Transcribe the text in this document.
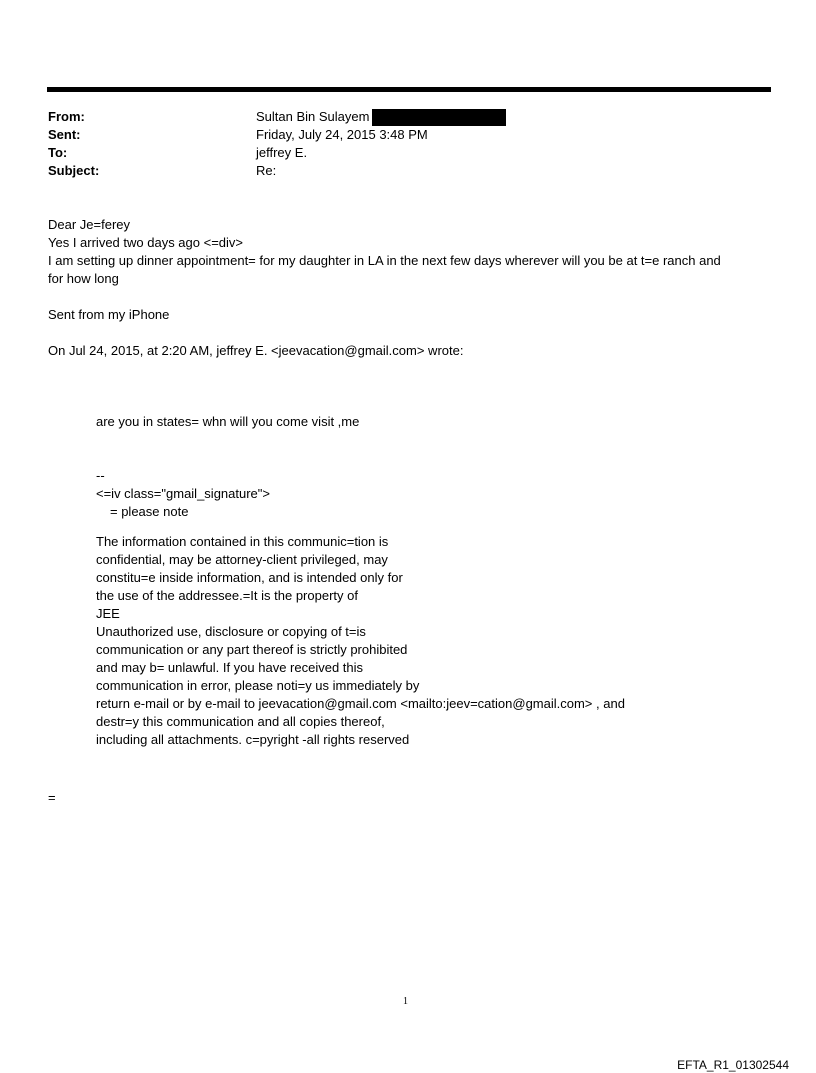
From:	Sultan Bin Sulayem
Sent:	Friday, July 24, 2015 3:48 PM
To:	jeffrey E.
Subject:	Re:

Dear Je=ferey

Yes I arrived two days ago <=div>

I am setting up dinner appointment= for my daughter in LA in the next few days wherever will you be at t=e ranch and

for how long

Sent from my iPhone

On Jul 24, 2015, at 2:20 AM, jeffrey E. <jeevacation@gmail.com> wrote:

are you in states= whn will you come visit ,me

--

<=iv class="gmail_signature">

= please note

The information contained in this communic=tion is

confidential, may be attorney-client privileged, may

constitu=e inside information, and is intended only for

the use of the addressee.=It is the property of

JEE

Unauthorized use, disclosure or copying of t=is

communication or any part thereof is strictly prohibited

and may b= unlawful. If you have received this

communication in error, please noti=y us immediately by

return e-mail or by e-mail to jeevacation@gmail.com <mailto:jeev=cation@gmail.com> , and

destr=y this communication and all copies thereof,

including all attachments. c=pyright -all rights reserved

=
1
EFTA_R1_01302544
